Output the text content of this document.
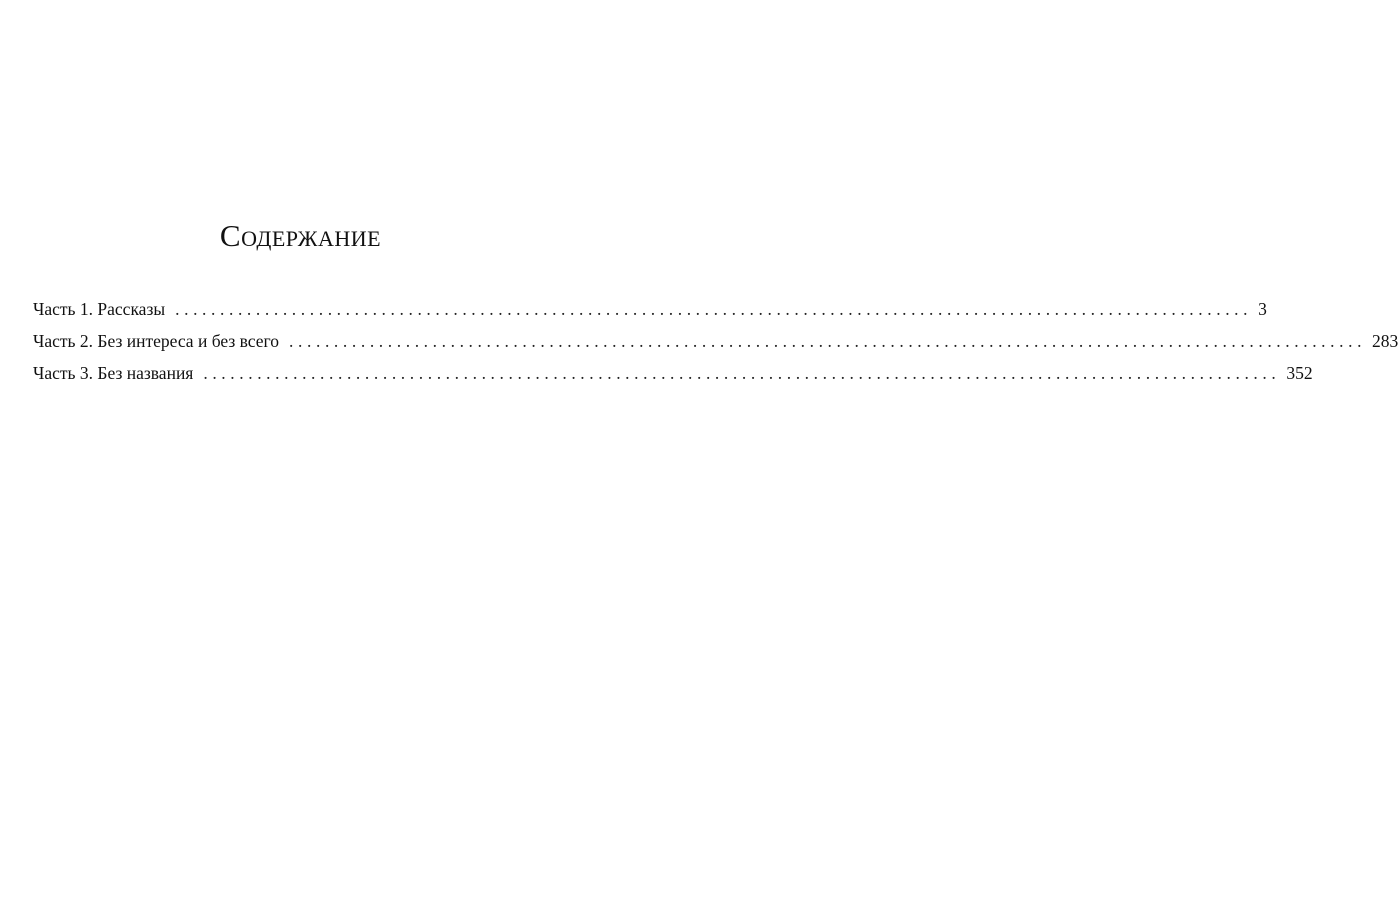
Содержание
Часть 1. Рассказы ........................................................................................................................ 3
Часть 2. Без интереса и без всего ........................................................................................................................ 283
Часть 3. Без названия ........................................................................................................................ 352
